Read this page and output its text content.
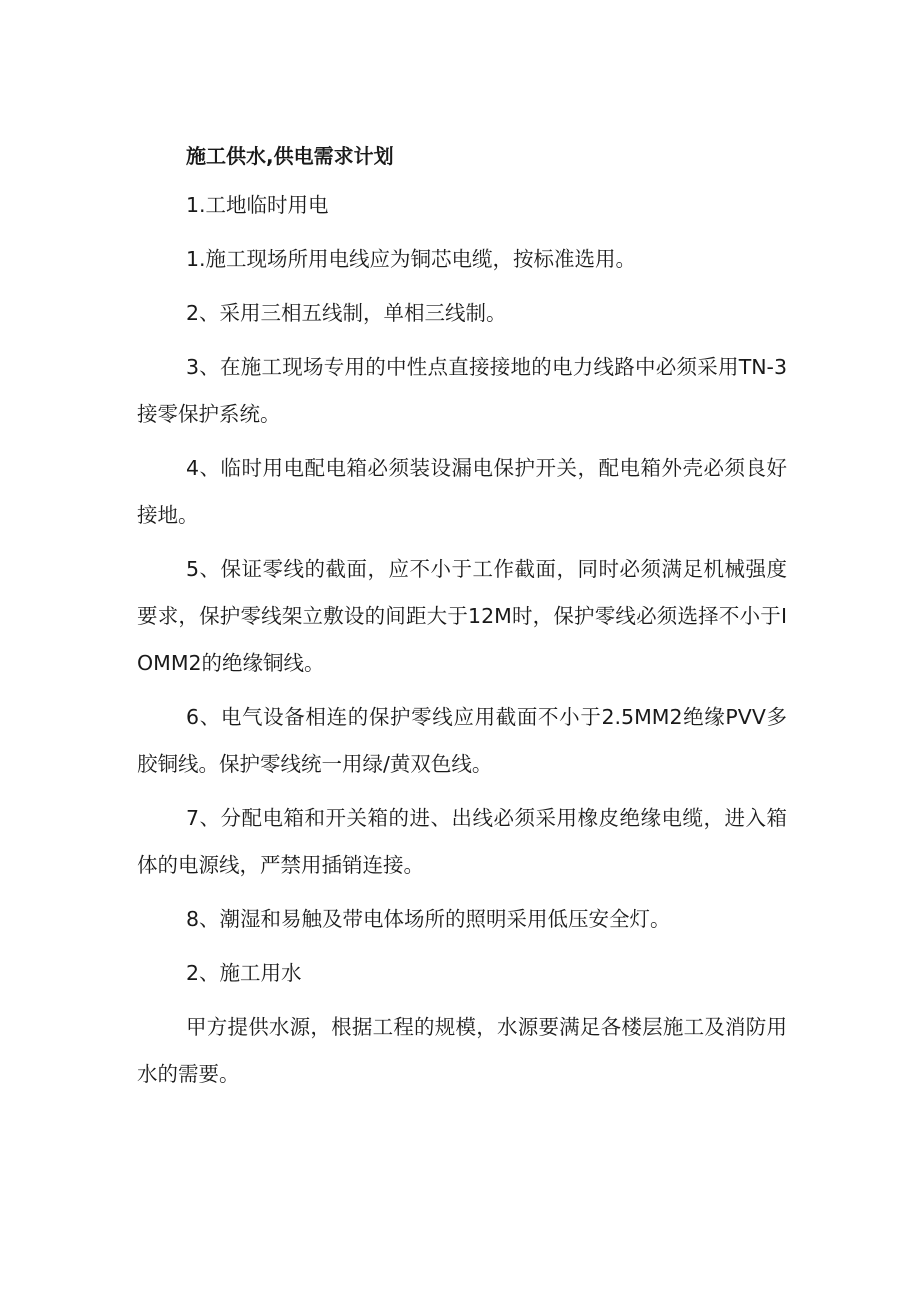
施工供水,供电需求计划

1.工地临时用电

1.施工现场所用电线应为铜芯电缆，按标准选用。

2、采用三相五线制，单相三线制。

3、在施工现场专用的中性点直接接地的电力线路中必须采用TN-3接零保护系统。

4、临时用电配电箱必须装设漏电保护开关，配电箱外壳必须良好接地。

5、保证零线的截面，应不小于工作截面，同时必须满足机械强度要求，保护零线架立敷设的间距大于12M时，保护零线必须选择不小于IOMM2的绝缘铜线。

6、电气设备相连的保护零线应用截面不小于2.5MM2绝缘PVV多胶铜线。保护零线统一用绿/黄双色线。

7、分配电箱和开关箱的进、出线必须采用橡皮绝缘电缆，进入箱体的电源线，严禁用插销连接。

8、潮湿和易触及带电体场所的照明采用低压安全灯。

2、施工用水

甲方提供水源，根据工程的规模，水源要满足各楼层施工及消防用水的需要。
